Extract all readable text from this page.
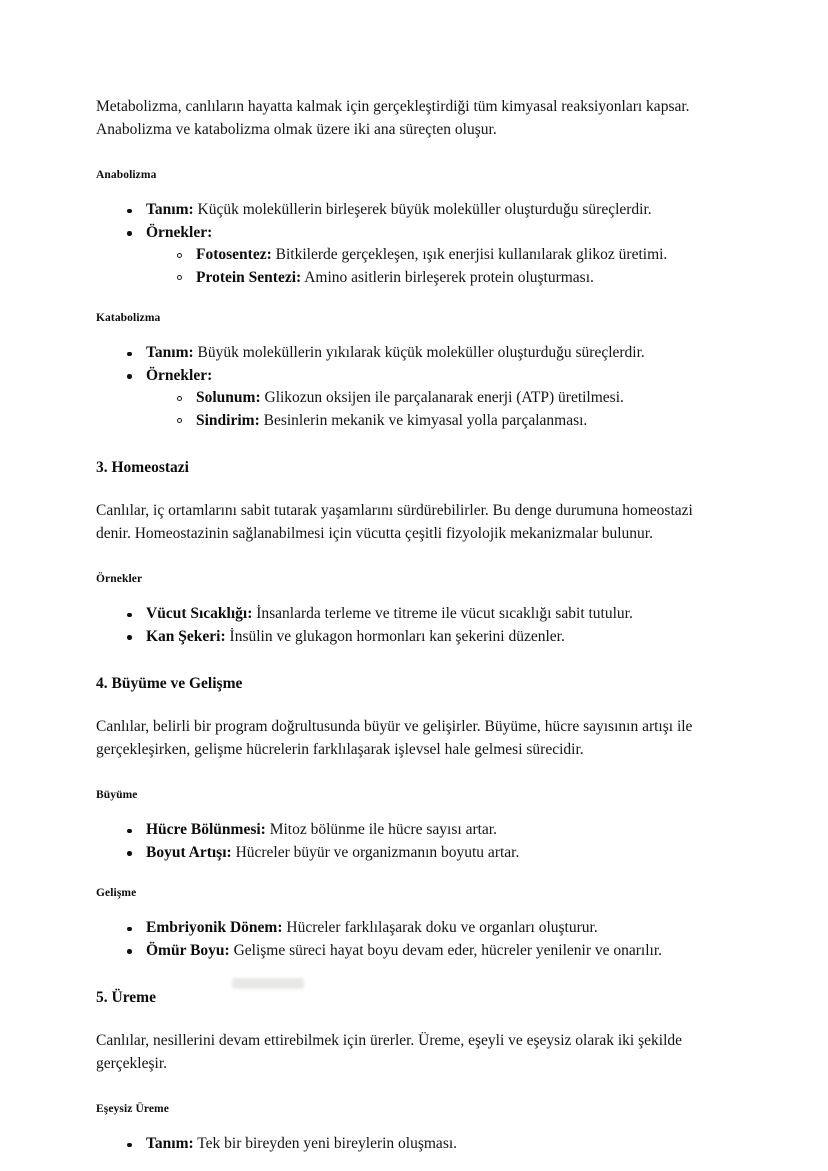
Metabolizma, canlıların hayatta kalmak için gerçekleştirdiği tüm kimyasal reaksiyonları kapsar. Anabolizma ve katabolizma olmak üzere iki ana süreçten oluşur.

Anabolizma
Tanım: Küçük moleküllerin birleşerek büyük moleküller oluşturduğu süreçlerdir.
Örnekler:
Fotosentez: Bitkilerde gerçekleşen, ışık enerjisi kullanılarak glikoz üretimi.
Protein Sentezi: Amino asitlerin birleşerek protein oluşturması.
Katabolizma
Tanım: Büyük moleküllerin yıkılarak küçük moleküller oluşturduğu süreçlerdir.
Örnekler:
Solunum: Glikozun oksijen ile parçalanarak enerji (ATP) üretilmesi.
Sindirim: Besinlerin mekanik ve kimyasal yolla parçalanması.
3. Homeostazi

Canlılar, iç ortamlarını sabit tutarak yaşamlarını sürdürebilirler. Bu denge durumuna homeostazi denir. Homeostazinin sağlanabilmesi için vücutta çeşitli fizyolojik mekanizmalar bulunur.

Örnekler
Vücut Sıcaklığı: İnsanlarda terleme ve titreme ile vücut sıcaklığı sabit tutulur.
Kan Şekeri: İnsülin ve glukagon hormonları kan şekerini düzenler.
4. Büyüme ve Gelişme

Canlılar, belirli bir program doğrultusunda büyür ve gelişirler. Büyüme, hücre sayısının artışı ile gerçekleşirken, gelişme hücrelerin farklılaşarak işlevsel hale gelmesi sürecidir.

Büyüme
Hücre Bölünmesi: Mitoz bölünme ile hücre sayısı artar.
Boyut Artışı: Hücreler büyür ve organizmanın boyutu artar.
Gelişme
Embriyonik Dönem: Hücreler farklılaşarak doku ve organları oluşturur.
Ömür Boyu: Gelişme süreci hayat boyu devam eder, hücreler yenilenir ve onarılır.
5. Üreme

Canlılar, nesillerini devam ettirebilmek için ürerler. Üreme, eşeyli ve eşeysiz olarak iki şekilde gerçekleşir.

Eşeysiz Üreme
Tanım: Tek bir bireyden yeni bireylerin oluşması.
